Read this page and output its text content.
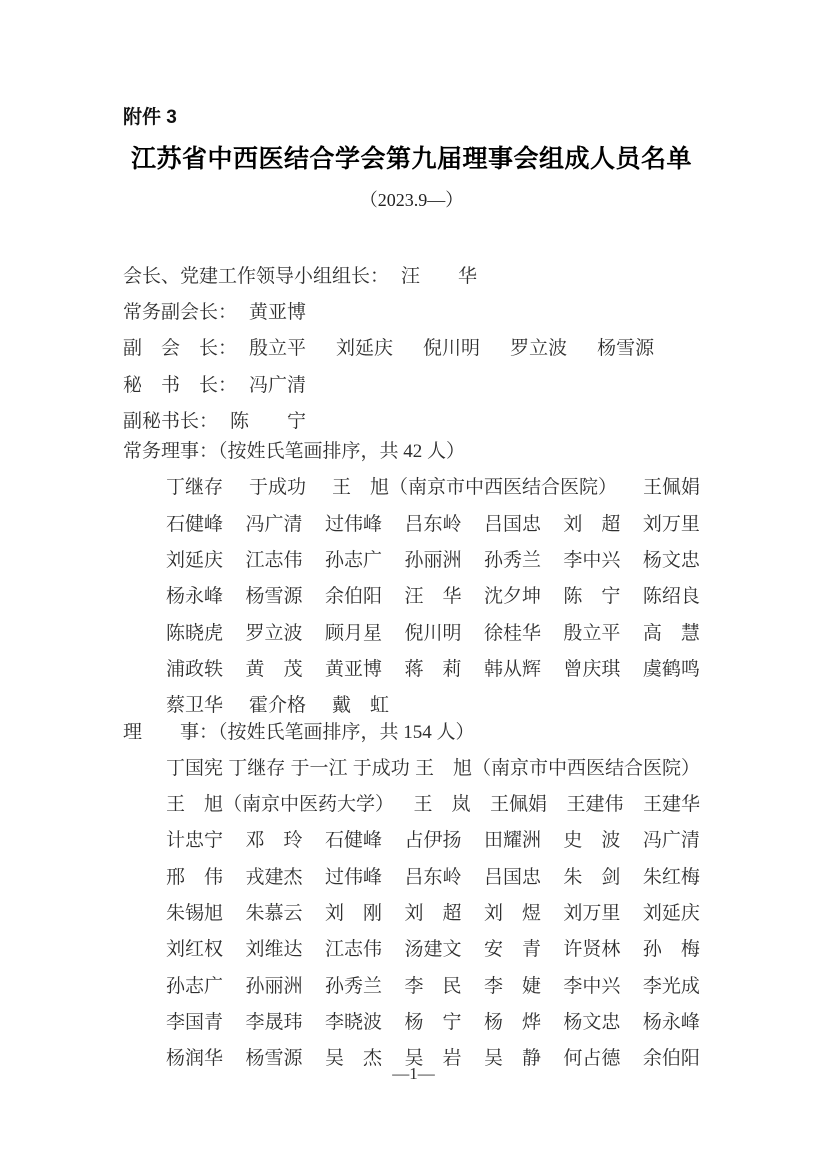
附件 3
江苏省中西医结合学会第九届理事会组成人员名单
（2023.9—）
会长、党建工作领导小组组长： 汪　　华
常务副会长： 黄亚博
副　会　长： 殷立平 刘延庆 倪川明 罗立波 杨雪源
秘　书　长： 冯广清
副秘书长： 陈　　宁
常务理事：（按姓氏笔画排序，共 42 人）
丁继存 于成功 王　旭（南京市中西医结合医院） 王佩娟
石健峰 冯广清 过伟峰 吕东岭 吕国忠 刘　超 刘万里
刘延庆 江志伟 孙志广 孙丽洲 孙秀兰 李中兴 杨文忠
杨永峰 杨雪源 余伯阳 汪　华 沈夕坤 陈　宁 陈绍良
陈晓虎 罗立波 顾月星 倪川明 徐桂华 殷立平 高　慧
浦政轶 黄　茂 黄亚博 蒋　莉 韩从辉 曾庆琪 虞鹤鸣
蔡卫华 霍介格 戴　虹
理　　事：（按姓氏笔画排序，共 154 人）
丁国宪 丁继存 于一江 于成功 王　旭（南京市中西医结合医院）
王　旭（南京中医药大学） 王　岚 王佩娟 王建伟 王建华
计忠宁 邓　玲 石健峰 占伊扬 田耀洲 史　波 冯广清
邢　伟 戎建杰 过伟峰 吕东岭 吕国忠 朱　剑 朱红梅
朱锡旭 朱慕云 刘　刚 刘　超 刘　煜 刘万里 刘延庆
刘红权 刘维达 江志伟 汤建文 安　青 许贤林 孙　梅
孙志广 孙丽洲 孙秀兰 李　民 李　婕 李中兴 李光成
李国青 李晟玮 李晓波 杨　宁 杨　烨 杨文忠 杨永峰
杨润华 杨雪源 吴　杰 吴　岩 吴　静 何占德 余伯阳
—1—
